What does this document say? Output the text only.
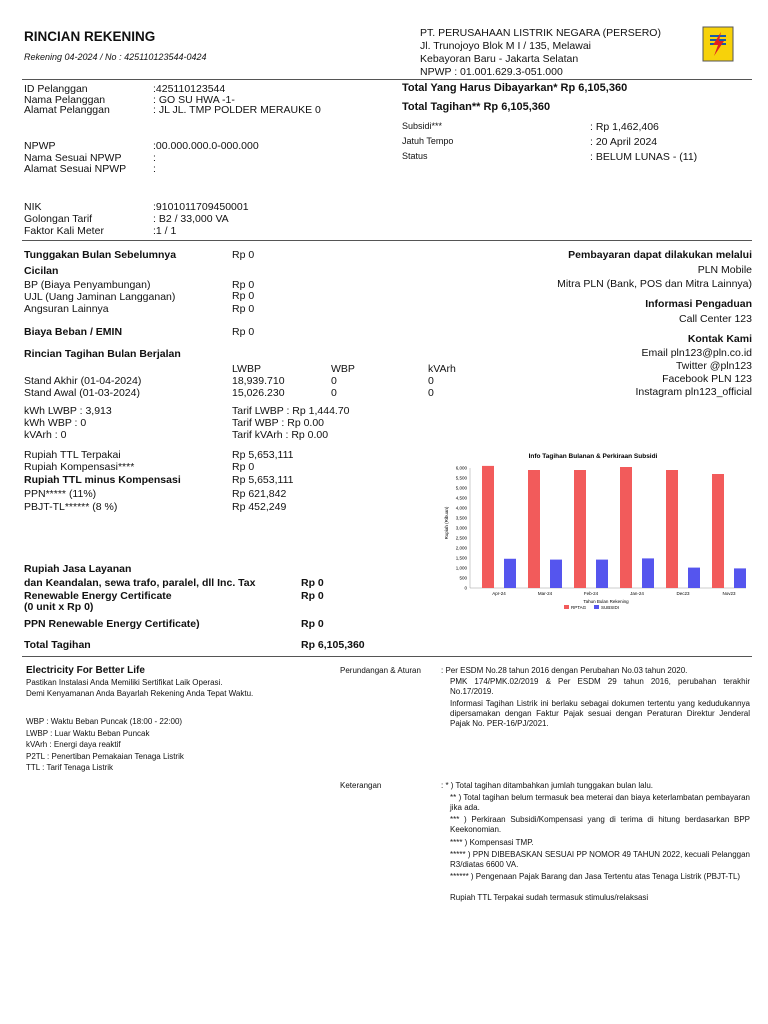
RINCIAN REKENING
Rekening 04-2024 / No : 425110123544-0424
PT. PERUSAHAAN LISTRIK NEGARA (PERSERO)
Jl. Trunojoyo Blok M I / 135, Melawai
Kebayoran Baru - Jakarta Selatan
NPWP : 01.001.629.3-051.000
ID Pelanggan	:425110123544
Nama Pelanggan	: GO SU HWA -1-
Alamat Pelanggan	: JL JL. TMP POLDER MERAUKE 0
NPWP	:00.000.000.0-000.000
Nama Sesuai NPWP	:
Alamat Sesuai NPWP	:
NIK	:9101011709450001
Golongan Tarif	: B2 / 33,000 VA
Faktor Kali Meter	:1 / 1
Total Yang Harus Dibayarkan* Rp 6,105,360
Total Tagihan** Rp 6,105,360
Subsidi***	: Rp 1,462,406
Jatuh Tempo	: 20 April 2024
Status	: BELUM LUNAS - (11)
Tunggakan Bulan Sebelumnya	Rp 0
Cicilan
BP (Biaya Penyambungan)	Rp 0
UJL (Uang Jaminan Langganan)	Rp 0
Angsuran Lainnya	Rp 0
Biaya Beban / EMIN	Rp 0
Rincian Tagihan Bulan Berjalan
LWBP	WBP	kVArh
Stand Akhir (01-04-2024)	18,939.710	0	0
Stand Awal (01-03-2024)	15,026.230	0	0
kWh LWBP : 3,913	Tarif LWBP : Rp 1,444.70
kWh WBP : 0	Tarif WBP : Rp 0.00
kVArh : 0	Tarif kVArh : Rp 0.00
Rupiah TTL Terpakai	Rp 5,653,111
Rupiah Kompensasi****	Rp 0
Rupiah TTL minus Kompensasi	Rp 5,653,111
PPN***** (11%)	Rp 621,842
PBJT-TL****** (8 %)	Rp 452,249
Rupiah Jasa Layanan
dan Keandalan, sewa trafo, paralel, dll Inc. Tax	Rp 0
Renewable Energy Certificate	Rp 0
(0 unit x Rp 0)
PPN Renewable Energy Certificate)	Rp 0
Total Tagihan	Rp 6,105,360
Pembayaran dapat dilakukan melalui
PLN Mobile
Mitra PLN (Bank, POS dan Mitra Lainnya)
Informasi Pengaduan
Call Center 123
Kontak Kami
Email pln123@pln.co.id
Twitter @pln123
Facebook PLN 123
Instagram pln123_official
Info Tagihan Bulanan & Perkiraan Subsidi
Rupiah (Ribuan)
Tahun Bulan Rekening
6,000
5,500
5,000
4,500
4,000
3,500
3,000
2,500
2,000
1,500
1,000
500
0
Apr-24	Mar-24	Feb-24	Jan-24	Dec23	Nov23
RPTAG	SUBSIDI
Electricity For Better Life
Pastikan Instalasi Anda Memiliki Sertifikat Laik Operasi.
Demi Kenyamanan Anda Bayarlah Rekening Anda Tepat Waktu.
WBP : Waktu Beban Puncak (18:00 - 22:00)
LWBP : Luar Waktu Beban Puncak
kVArh : Energi daya reaktif
P2TL : Penertiban Pemakaian Tenaga Listrik
TTL : Tarif Tenaga Listrik
Perundangan & Aturan	: Per ESDM No.28 tahun 2016 dengan Perubahan No.03 tahun 2020.
PMK 174/PMK.02/2019 & Per ESDM 29 tahun 2016, perubahan terakhir No.17/2019.
Informasi Tagihan Listrik ini berlaku sebagai dokumen tertentu yang kedudukannya dipersamakan dengan Faktur Pajak sesuai dengan Peraturan Direktur Jenderal Pajak No. PER-16/PJ/2021.
Keterangan	: * ) Total tagihan ditambahkan jumlah tunggakan bulan lalu.
** ) Total tagihan belum termasuk bea meterai dan biaya keterlambatan pembayaran jika ada.
*** ) Perkiraan Subsidi/Kompensasi yang di terima di hitung berdasarkan BPP Keekonomian.
**** ) Kompensasi TMP.
***** ) PPN DIBEBASKAN SESUAI PP NOMOR 49 TAHUN 2022, kecuali Pelanggan R3/diatas 6600 VA.
****** ) Pengenaan Pajak Barang dan Jasa Tertentu atas Tenaga Listrik (PBJT-TL)
Rupiah TTL Terpakai sudah termasuk stimulus/relaksasi
